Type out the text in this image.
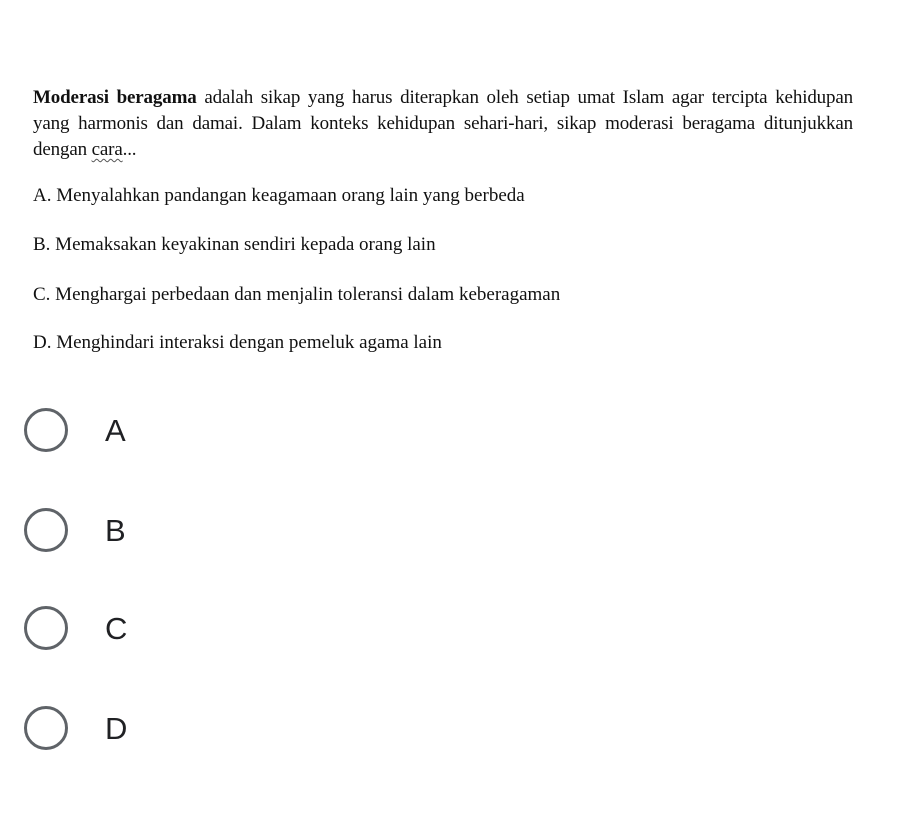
Moderasi beragama adalah sikap yang harus diterapkan oleh setiap umat Islam agar tercipta kehidupan yang harmonis dan damai. Dalam konteks kehidupan sehari-hari, sikap moderasi beragama ditunjukkan dengan cara...

A. Menyalahkan pandangan keagamaan orang lain yang berbeda

B. Memaksakan keyakinan sendiri kepada orang lain

C. Menghargai perbedaan dan menjalin toleransi dalam keberagaman

D. Menghindari interaksi dengan pemeluk agama lain

A
B
C
D
